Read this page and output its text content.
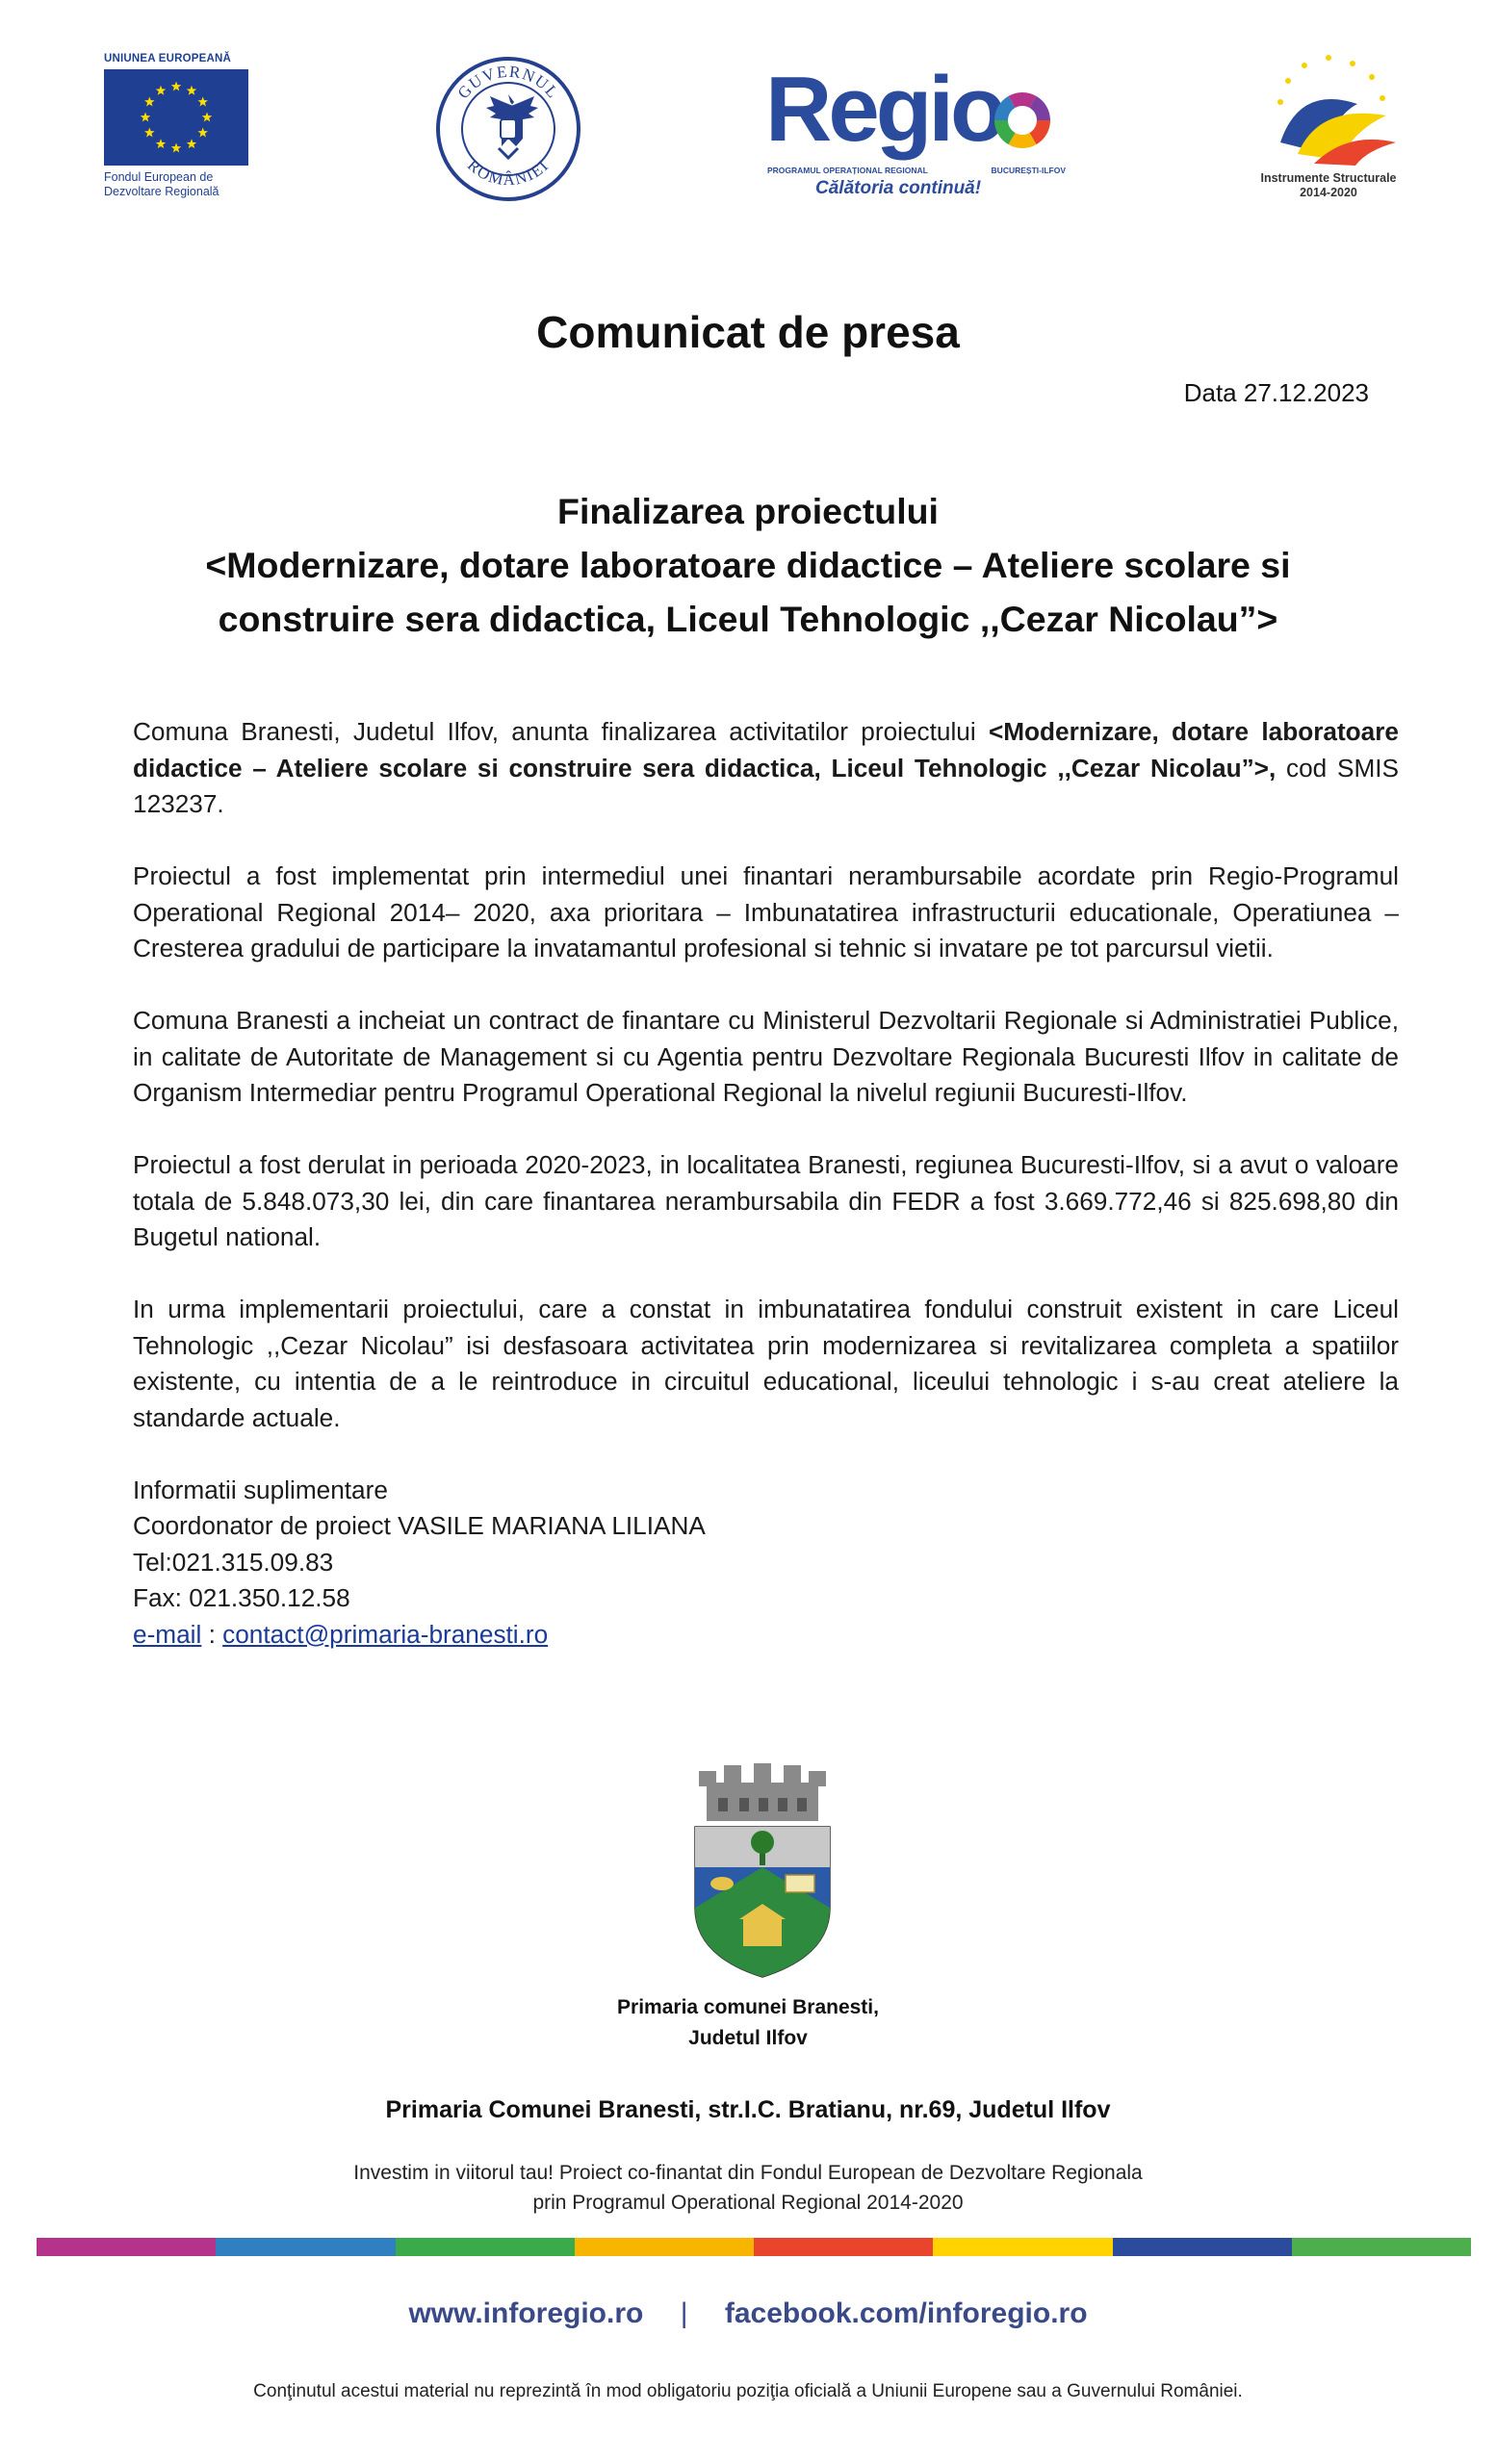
UNIUNEA EUROPEANĂ
Fondul European de
Dezvoltare Regională
GUVERNUL
ROMÂNIEI
Regio
PROGRAMUL OPERAȚIONAL REGIONAL	BUCUREȘTI-ILFOV
Călătoria continuă!	Instrumente Structurale
2014-2020
Comunicat de presa
Data 27.12.2023
Finalizarea proiectului
<Modernizare, dotare laboratoare didactice – Ateliere scolare si
construire sera didactica, Liceul Tehnologic ,,Cezar Nicolau”>

Comuna Branesti, Judetul Ilfov, anunta finalizarea activitatilor proiectului <Modernizare, dotare laboratoare didactice – Ateliere scolare si construire sera didactica, Liceul Tehnologic ,,Cezar Nicolau”>, cod SMIS 123237.

Proiectul a fost implementat prin intermediul unei finantari nerambursabile acordate prin Regio-Programul Operational Regional 2014– 2020, axa prioritara – Imbunatatirea infrastructurii educationale, Operatiunea – Cresterea gradului de participare la invatamantul profesional si tehnic si invatare pe tot parcursul vietii.

Comuna Branesti a incheiat un contract de finantare cu Ministerul Dezvoltarii Regionale si Administratiei Publice, in calitate de Autoritate de Management si cu Agentia pentru Dezvoltare Regionala Bucuresti Ilfov in calitate de Organism Intermediar pentru Programul Operational Regional la nivelul regiunii Bucuresti-Ilfov.

Proiectul a fost derulat in perioada 2020-2023, in localitatea Branesti, regiunea Bucuresti-Ilfov, si a avut o valoare totala de 5.848.073,30 lei, din care finantarea nerambursabila din FEDR a fost 3.669.772,46 si 825.698,80 din Bugetul national.

In urma implementarii proiectului, care a constat in imbunatatirea fondului construit existent in care Liceul Tehnologic ,,Cezar Nicolau” isi desfasoara activitatea prin modernizarea si revitalizarea completa a spatiilor existente, cu intentia de a le reintroduce in circuitul educational, liceului tehnologic i s-au creat ateliere la standarde actuale.

Informatii suplimentare
Coordonator de proiect VASILE MARIANA LILIANA
Tel:021.315.09.83
Fax: 021.350.12.58
e-mail : contact@primaria-branesti.ro
Primaria comunei Branesti,
Judetul Ilfov
Primaria Comunei Branesti, str.I.C. Bratianu, nr.69, Judetul Ilfov
Investim in viitorul tau! Proiect co-finantat din Fondul European de Dezvoltare Regionala
prin Programul Operational Regional 2014-2020
www.inforegio.ro | facebook.com/inforegio.ro
Conţinutul acestui material nu reprezintă în mod obligatoriu poziţia oficială a Uniunii Europene sau a Guvernului României.
